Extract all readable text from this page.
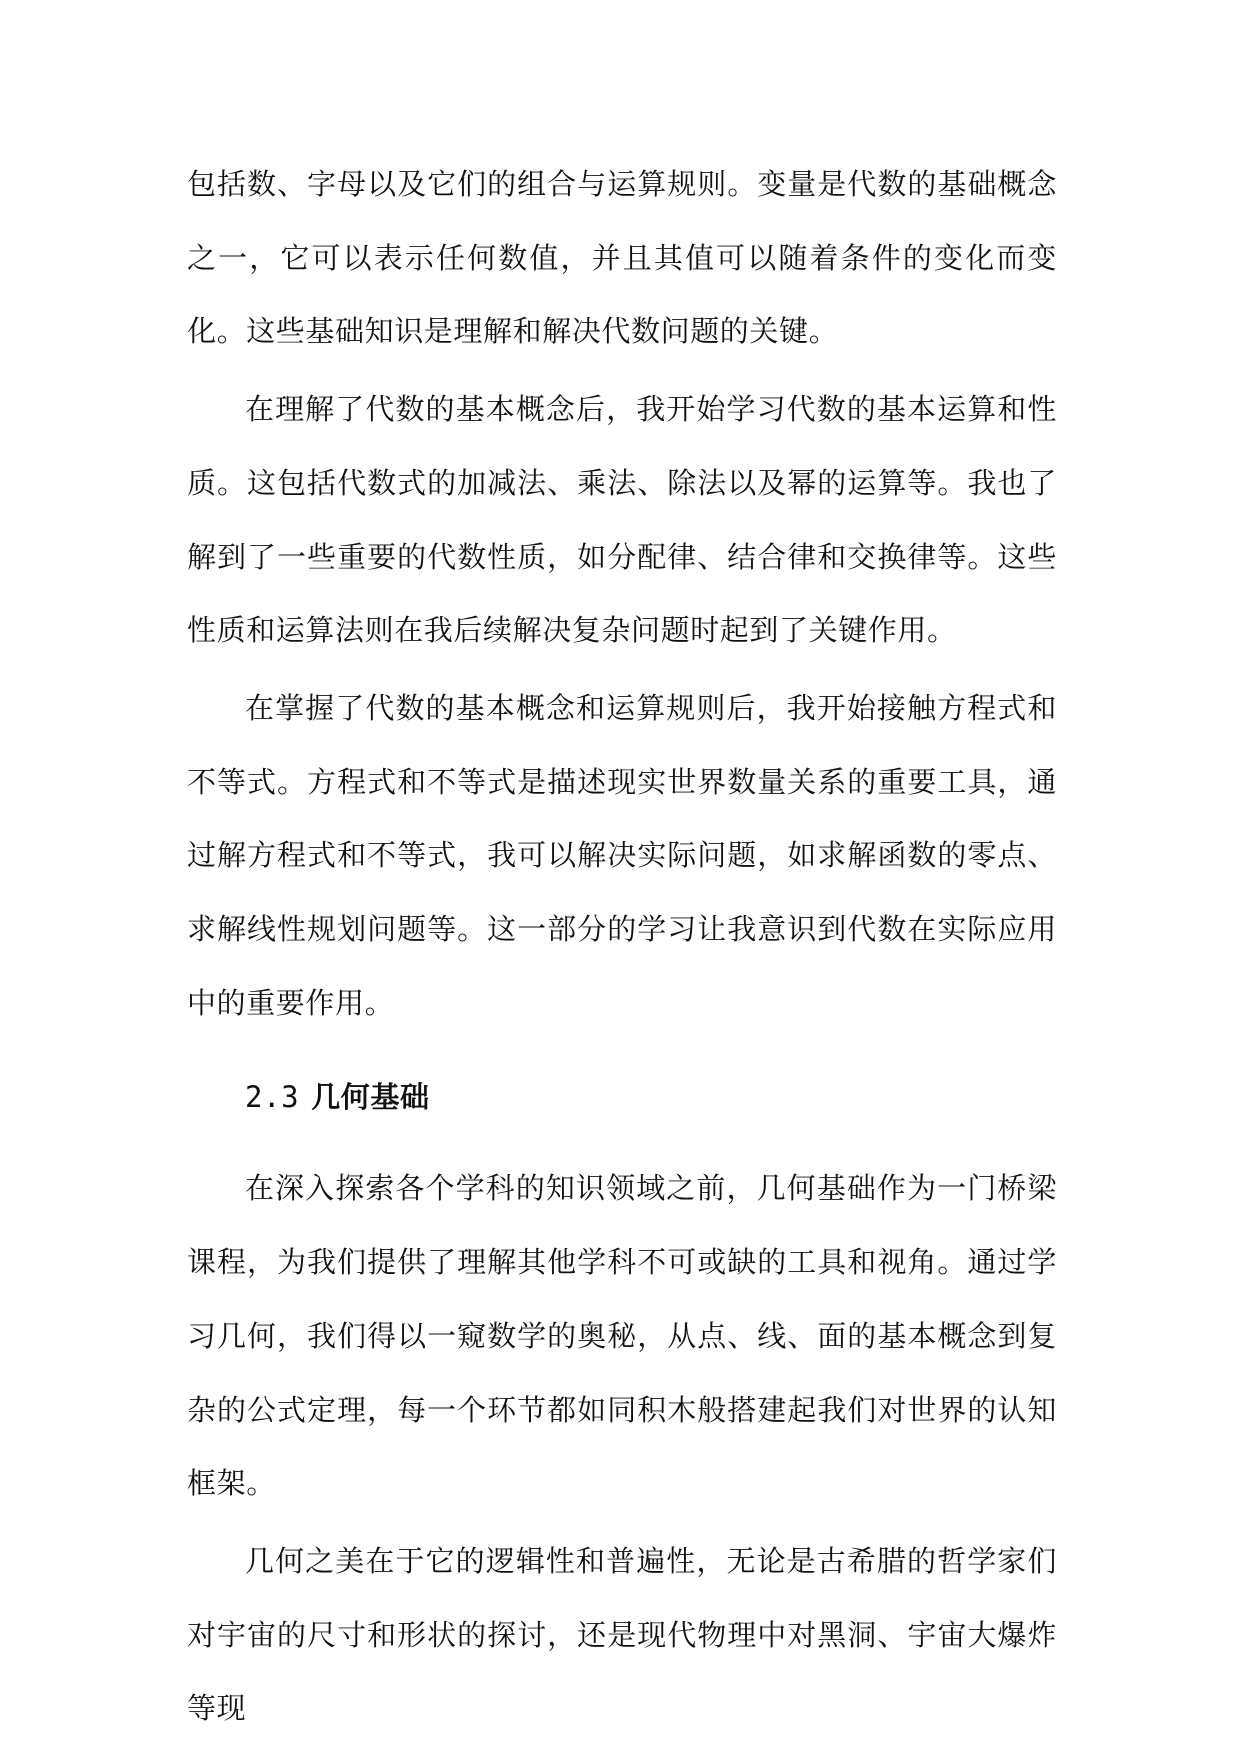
包括数、字母以及它们的组合与运算规则。变量是代数的基础概念之一，它可以表示任何数值，并且其值可以随着条件的变化而变化。这些基础知识是理解和解决代数问题的关键。

在理解了代数的基本概念后，我开始学习代数的基本运算和性质。这包括代数式的加减法、乘法、除法以及幂的运算等。我也了解到了一些重要的代数性质，如分配律、结合律和交换律等。这些性质和运算法则在我后续解决复杂问题时起到了关键作用。

在掌握了代数的基本概念和运算规则后，我开始接触方程式和不等式。方程式和不等式是描述现实世界数量关系的重要工具，通过解方程式和不等式，我可以解决实际问题，如求解函数的零点、求解线性规划问题等。这一部分的学习让我意识到代数在实际应用中的重要作用。

2.3 几何基础

在深入探索各个学科的知识领域之前，几何基础作为一门桥梁课程，为我们提供了理解其他学科不可或缺的工具和视角。通过学习几何，我们得以一窥数学的奥秘，从点、线、面的基本概念到复杂的公式定理，每一个环节都如同积木般搭建起我们对世界的认知框架。

几何之美在于它的逻辑性和普遍性，无论是古希腊的哲学家们对宇宙的尺寸和形状的探讨，还是现代物理中对黑洞、宇宙大爆炸等现
